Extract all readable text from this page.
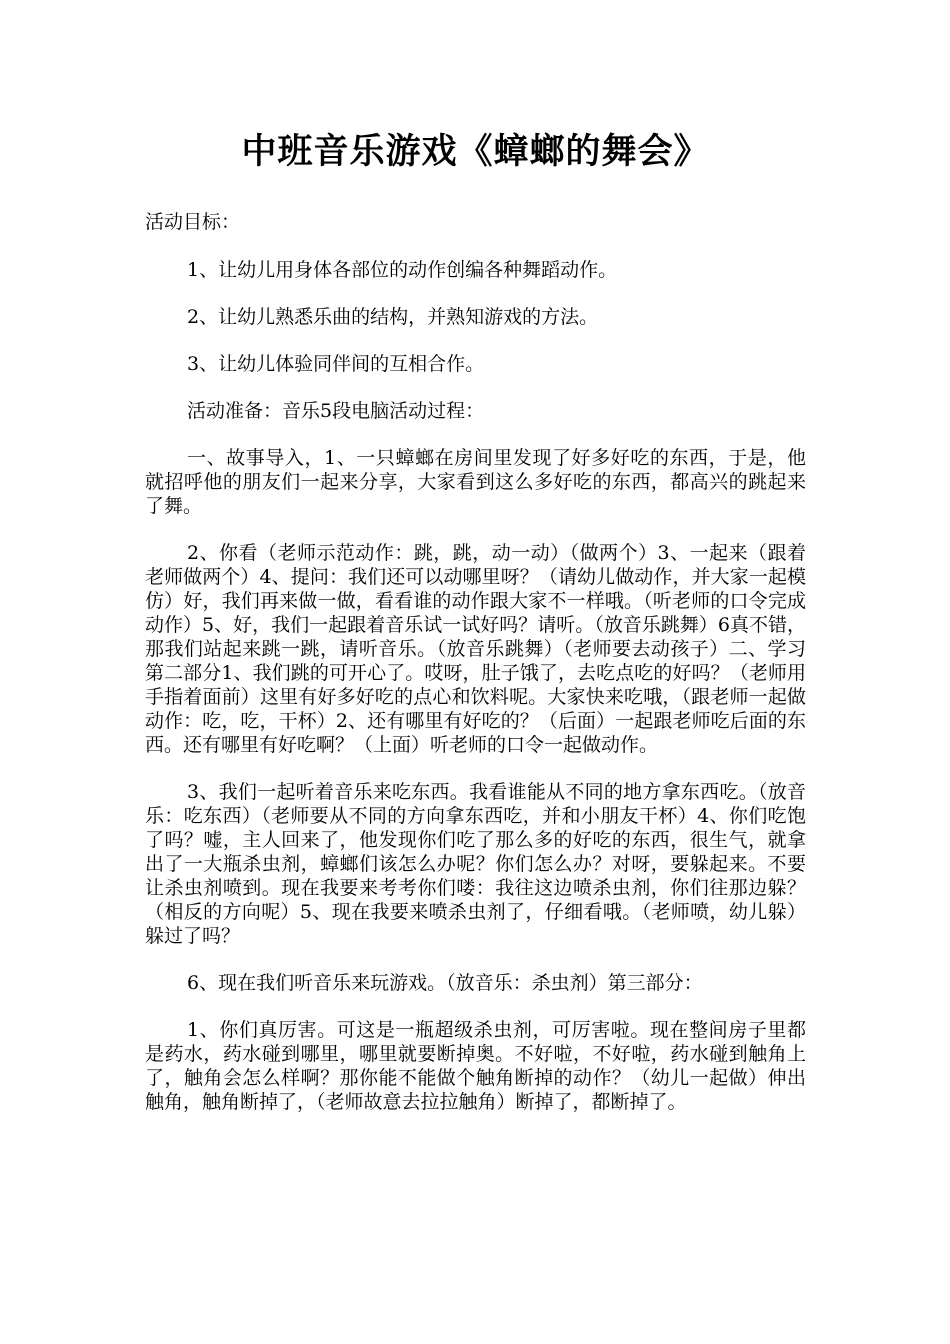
中班音乐游戏《蟑螂的舞会》

活动目标：

1、让幼儿用身体各部位的动作创编各种舞蹈动作。

2、让幼儿熟悉乐曲的结构，并熟知游戏的方法。

3、让幼儿体验同伴间的互相合作。

活动准备：音乐5段电脑活动过程：

一、故事导入，1、一只蟑螂在房间里发现了好多好吃的东西，于是，他就招呼他的朋友们一起来分享，大家看到这么多好吃的东西，都高兴的跳起来了舞。

2、你看（老师示范动作：跳，跳，动一动）（做两个）3、一起来（跟着老师做两个）4、提问：我们还可以动哪里呀？（请幼儿做动作，并大家一起模仿）好，我们再来做一做，看看谁的动作跟大家不一样哦。（听老师的口令完成动作）5、好，我们一起跟着音乐试一试好吗？请听。（放音乐跳舞）6真不错，那我们站起来跳一跳，请听音乐。（放音乐跳舞）（老师要去动孩子）二、学习第二部分1、我们跳的可开心了。哎呀，肚子饿了，去吃点吃的好吗？（老师用手指着面前）这里有好多好吃的点心和饮料呢。大家快来吃哦，（跟老师一起做动作：吃，吃，干杯）2、还有哪里有好吃的？（后面）一起跟老师吃后面的东西。还有哪里有好吃啊？（上面）听老师的口令一起做动作。

3、我们一起听着音乐来吃东西。我看谁能从不同的地方拿东西吃。（放音乐：吃东西）（老师要从不同的方向拿东西吃，并和小朋友干杯）4、你们吃饱了吗？嘘，主人回来了，他发现你们吃了那么多的好吃的东西，很生气，就拿出了一大瓶杀虫剂，蟑螂们该怎么办呢？你们怎么办？对呀，要躲起来。不要让杀虫剂喷到。现在我要来考考你们喽：我往这边喷杀虫剂，你们往那边躲？（相反的方向呢）5、现在我要来喷杀虫剂了，仔细看哦。（老师喷，幼儿躲）躲过了吗？

6、现在我们听音乐来玩游戏。（放音乐：杀虫剂）第三部分：

1、你们真厉害。可这是一瓶超级杀虫剂，可厉害啦。现在整间房子里都是药水，药水碰到哪里，哪里就要断掉奥。不好啦，不好啦，药水碰到触角上了，触角会怎么样啊？那你能不能做个触角断掉的动作？（幼儿一起做）伸出触角，触角断掉了，（老师故意去拉拉触角）断掉了，都断掉了。
